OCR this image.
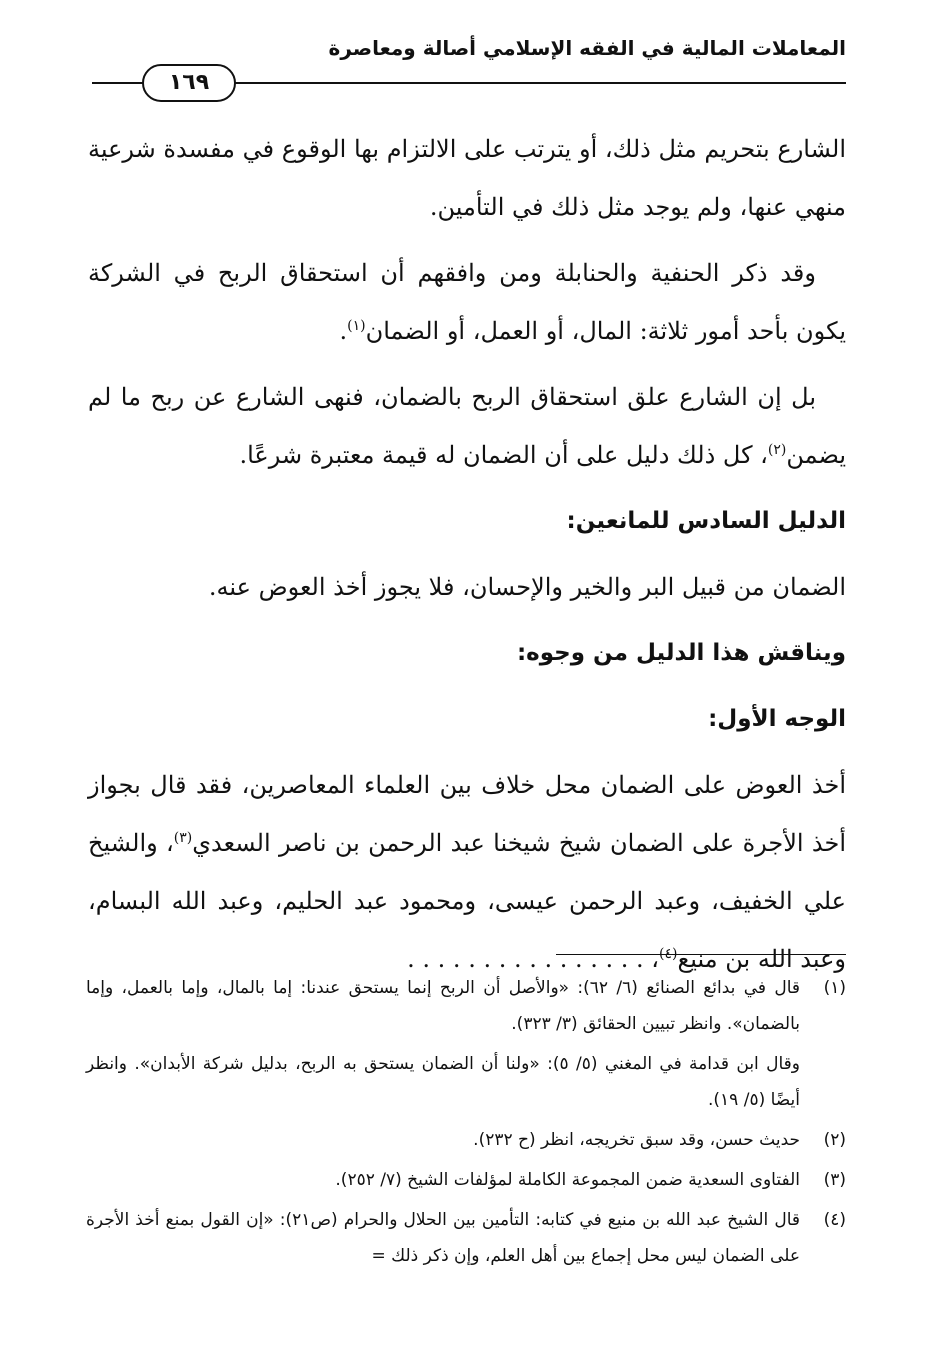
المعاملات المالية في الفقه الإسلامي أصالة ومعاصرة
١٦٩

الشارع بتحريم مثل ذلك، أو يترتب على الالتزام بها الوقوع في مفسدة شرعية منهي عنها، ولم يوجد مثل ذلك في التأمين.

وقد ذكر الحنفية والحنابلة ومن وافقهم أن استحقاق الربح في الشركة يكون بأحد أمور ثلاثة: المال، أو العمل، أو الضمان$^{(١)}$.

بل إن الشارع علق استحقاق الربح بالضمان، فنهى الشارع عن ربح ما لم يضمن$^{(٢)}$، كل ذلك دليل على أن الضمان له قيمة معتبرة شرعًا.

الدليل السادس للمانعين:

الضمان من قبيل البر والخير والإحسان، فلا يجوز أخذ العوض عنه.

ويناقش هذا الدليل من وجوه:

الوجه الأول:

أخذ العوض على الضمان محل خلاف بين العلماء المعاصرين، فقد قال بجواز أخذ الأجرة على الضمان شيخ شيخنا عبد الرحمن بن ناصر السعدي$^{(٣)}$، والشيخ علي الخفيف، وعبد الرحمن عيسى، ومحمود عبد الحليم، وعبد الله البسام، وعبد الله بن منيع$^{(٤)}$، . . . . . . . . . . . . . . . .

(١)
قال في بدائع الصنائع (٦/ ٦٢): «والأصل أن الربح إنما يستحق عندنا: إما بالمال، وإما بالعمل، وإما بالضمان». وانظر تبيين الحقائق (٣/ ٣٢٣).
وقال ابن قدامة في المغني (٥/ ٥): «ولنا أن الضمان يستحق به الربح، بدليل شركة الأبدان». وانظر أيضًا (٥/ ١٩).
(٢)
حديث حسن، وقد سبق تخريجه، انظر (ح ٢٣٢).
(٣)
الفتاوى السعدية ضمن المجموعة الكاملة لمؤلفات الشيخ (٧/ ٢٥٢).
(٤)
قال الشيخ عبد الله بن منيع في كتابه: التأمين بين الحلال والحرام (ص٢١): «إن القول بمنع أخذ الأجرة على الضمان ليس محل إجماع بين أهل العلم، وإن ذكر ذلك =
